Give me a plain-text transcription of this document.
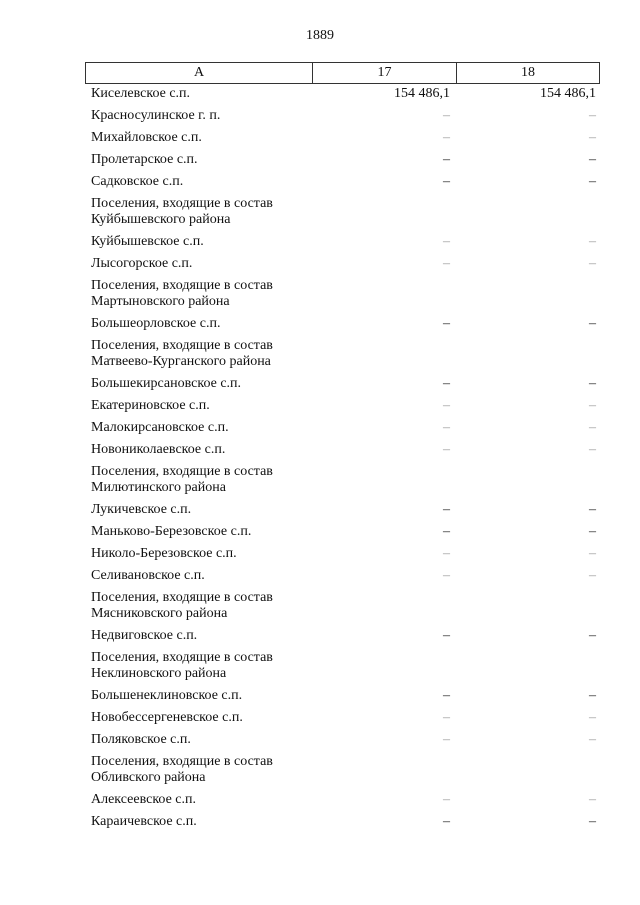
1889
A	17	18
Киселевское с.п.	154 486,1	154 486,1
Красносулинское г. п.	–	–
Михайловское с.п.	–	–
Пролетарское с.п.	–	–
Садковское с.п.	–	–
Поселения, входящие в состав
Куйбышевского района
Куйбышевское с.п.	–	–
Лысогорское с.п.	–	–
Поселения, входящие в состав
Мартыновского района
Большеорловское с.п.	–	–
Поселения, входящие в состав
Матвеево-Курганского района
Большекирсановское с.п.	–	–
Екатериновское с.п.	–	–
Малокирсановское с.п.	–	–
Новониколаевское с.п.	–	–
Поселения, входящие в состав
Милютинского района
Лукичевское с.п.	–	–
Маньково-Березовское с.п.	–	–
Николо-Березовское с.п.	–	–
Селивановское с.п.	–	–
Поселения, входящие в состав
Мясниковского района
Недвиговское с.п.	–	–
Поселения, входящие в состав
Неклиновского района
Большенеклиновское с.п.	–	–
Новобессергеневское с.п.	–	–
Поляковское с.п.	–	–
Поселения, входящие в состав
Обливского района
Алексеевское с.п.	–	–
Караичевское с.п.	–	–
